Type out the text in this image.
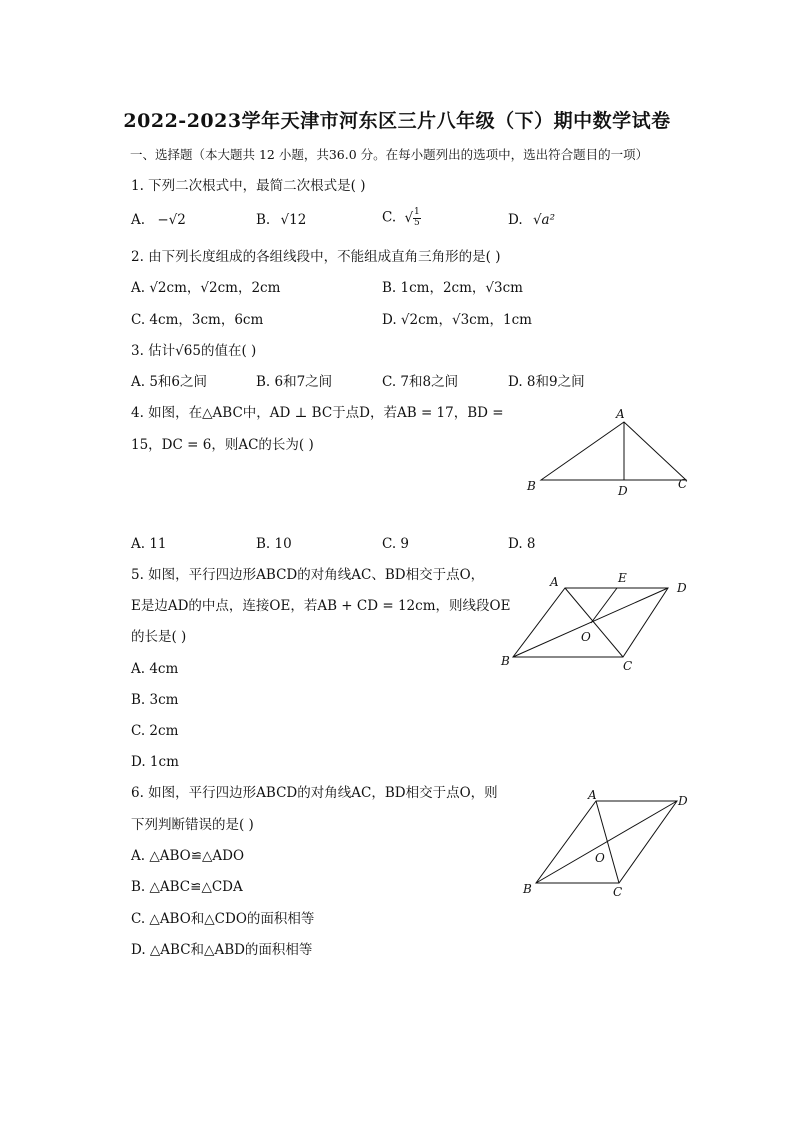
2022-2023学年天津市河东区三片八年级（下）期中数学试卷
一、选择题（本大题共 12 小题，共36.0 分。在每小题列出的选项中，选出符合题目的一项）
1. 下列二次根式中，最简二次根式是( )
A. −√2	B. √12	C. √ $\frac{1}{5}$	D. √a²
2. 由下列长度组成的各组线段中，不能组成直角三角形的是( )
A. √2cm，√2cm，2cm	B. 1cm，2cm，√3cm
C. 4cm，3cm，6cm	D. √2cm，√3cm，1cm
3. 估计√65的值在( )
A. 5和6之间	B. 6和7之间	C. 7和8之间	D. 8和9之间
4. 如图，在△ABC中，AD ⊥ BC于点D，若AB = 17，BD =
15，DC = 6，则AC的长为( )
A
B	C
D
A. 11	B. 10	C. 9	D. 8
5. 如图，平行四边形ABCD的对角线AC、BD相交于点O，
E是边AD的中点，连接OE，若AB + CD = 12cm，则线段OE
的长是( )
A	E
D
O
B	C
A. 4cm
B. 3cm
C. 2cm
D. 1cm
6. 如图，平行四边形ABCD的对角线AC，BD相交于点O，则
下列判断错误的是( )
A	D
O
B	C
A. △ABO≌△ADO
B. △ABC≌△CDA
C. △ABO和△CDO的面积相等
D. △ABC和△ABD的面积相等
